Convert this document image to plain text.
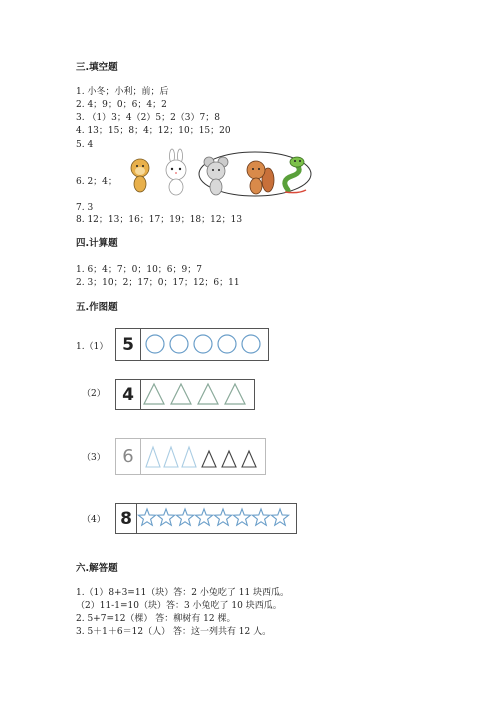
三.填空题
1. 小冬；小利；前；后
2. 4；9；0；6；4；2
3. （1）3；4（2）5；2（3）7；8
4. 13；15；8；4；12；10；15；20
5. 4
6. 2；4；
7. 3
8. 12；13；16；17；19；18；12；13
四.计算题
1. 6；4；7；0；10；6；9；7
2. 3；10；2；17；0；17；12；6；11
五.作图题
1.（1） 5
（2） 4
（3） 6
（4） 8
六.解答题
1.（1）8+3=11（块）答：2 小兔吃了 11 块西瓜。
（2）11-1=10（块）答：3 小兔吃了 10 块西瓜。
2. 5+7=12（棵） 答：柳树有 12 棵。
3. 5＋1＋6＝12（人） 答：这一列共有 12 人。
